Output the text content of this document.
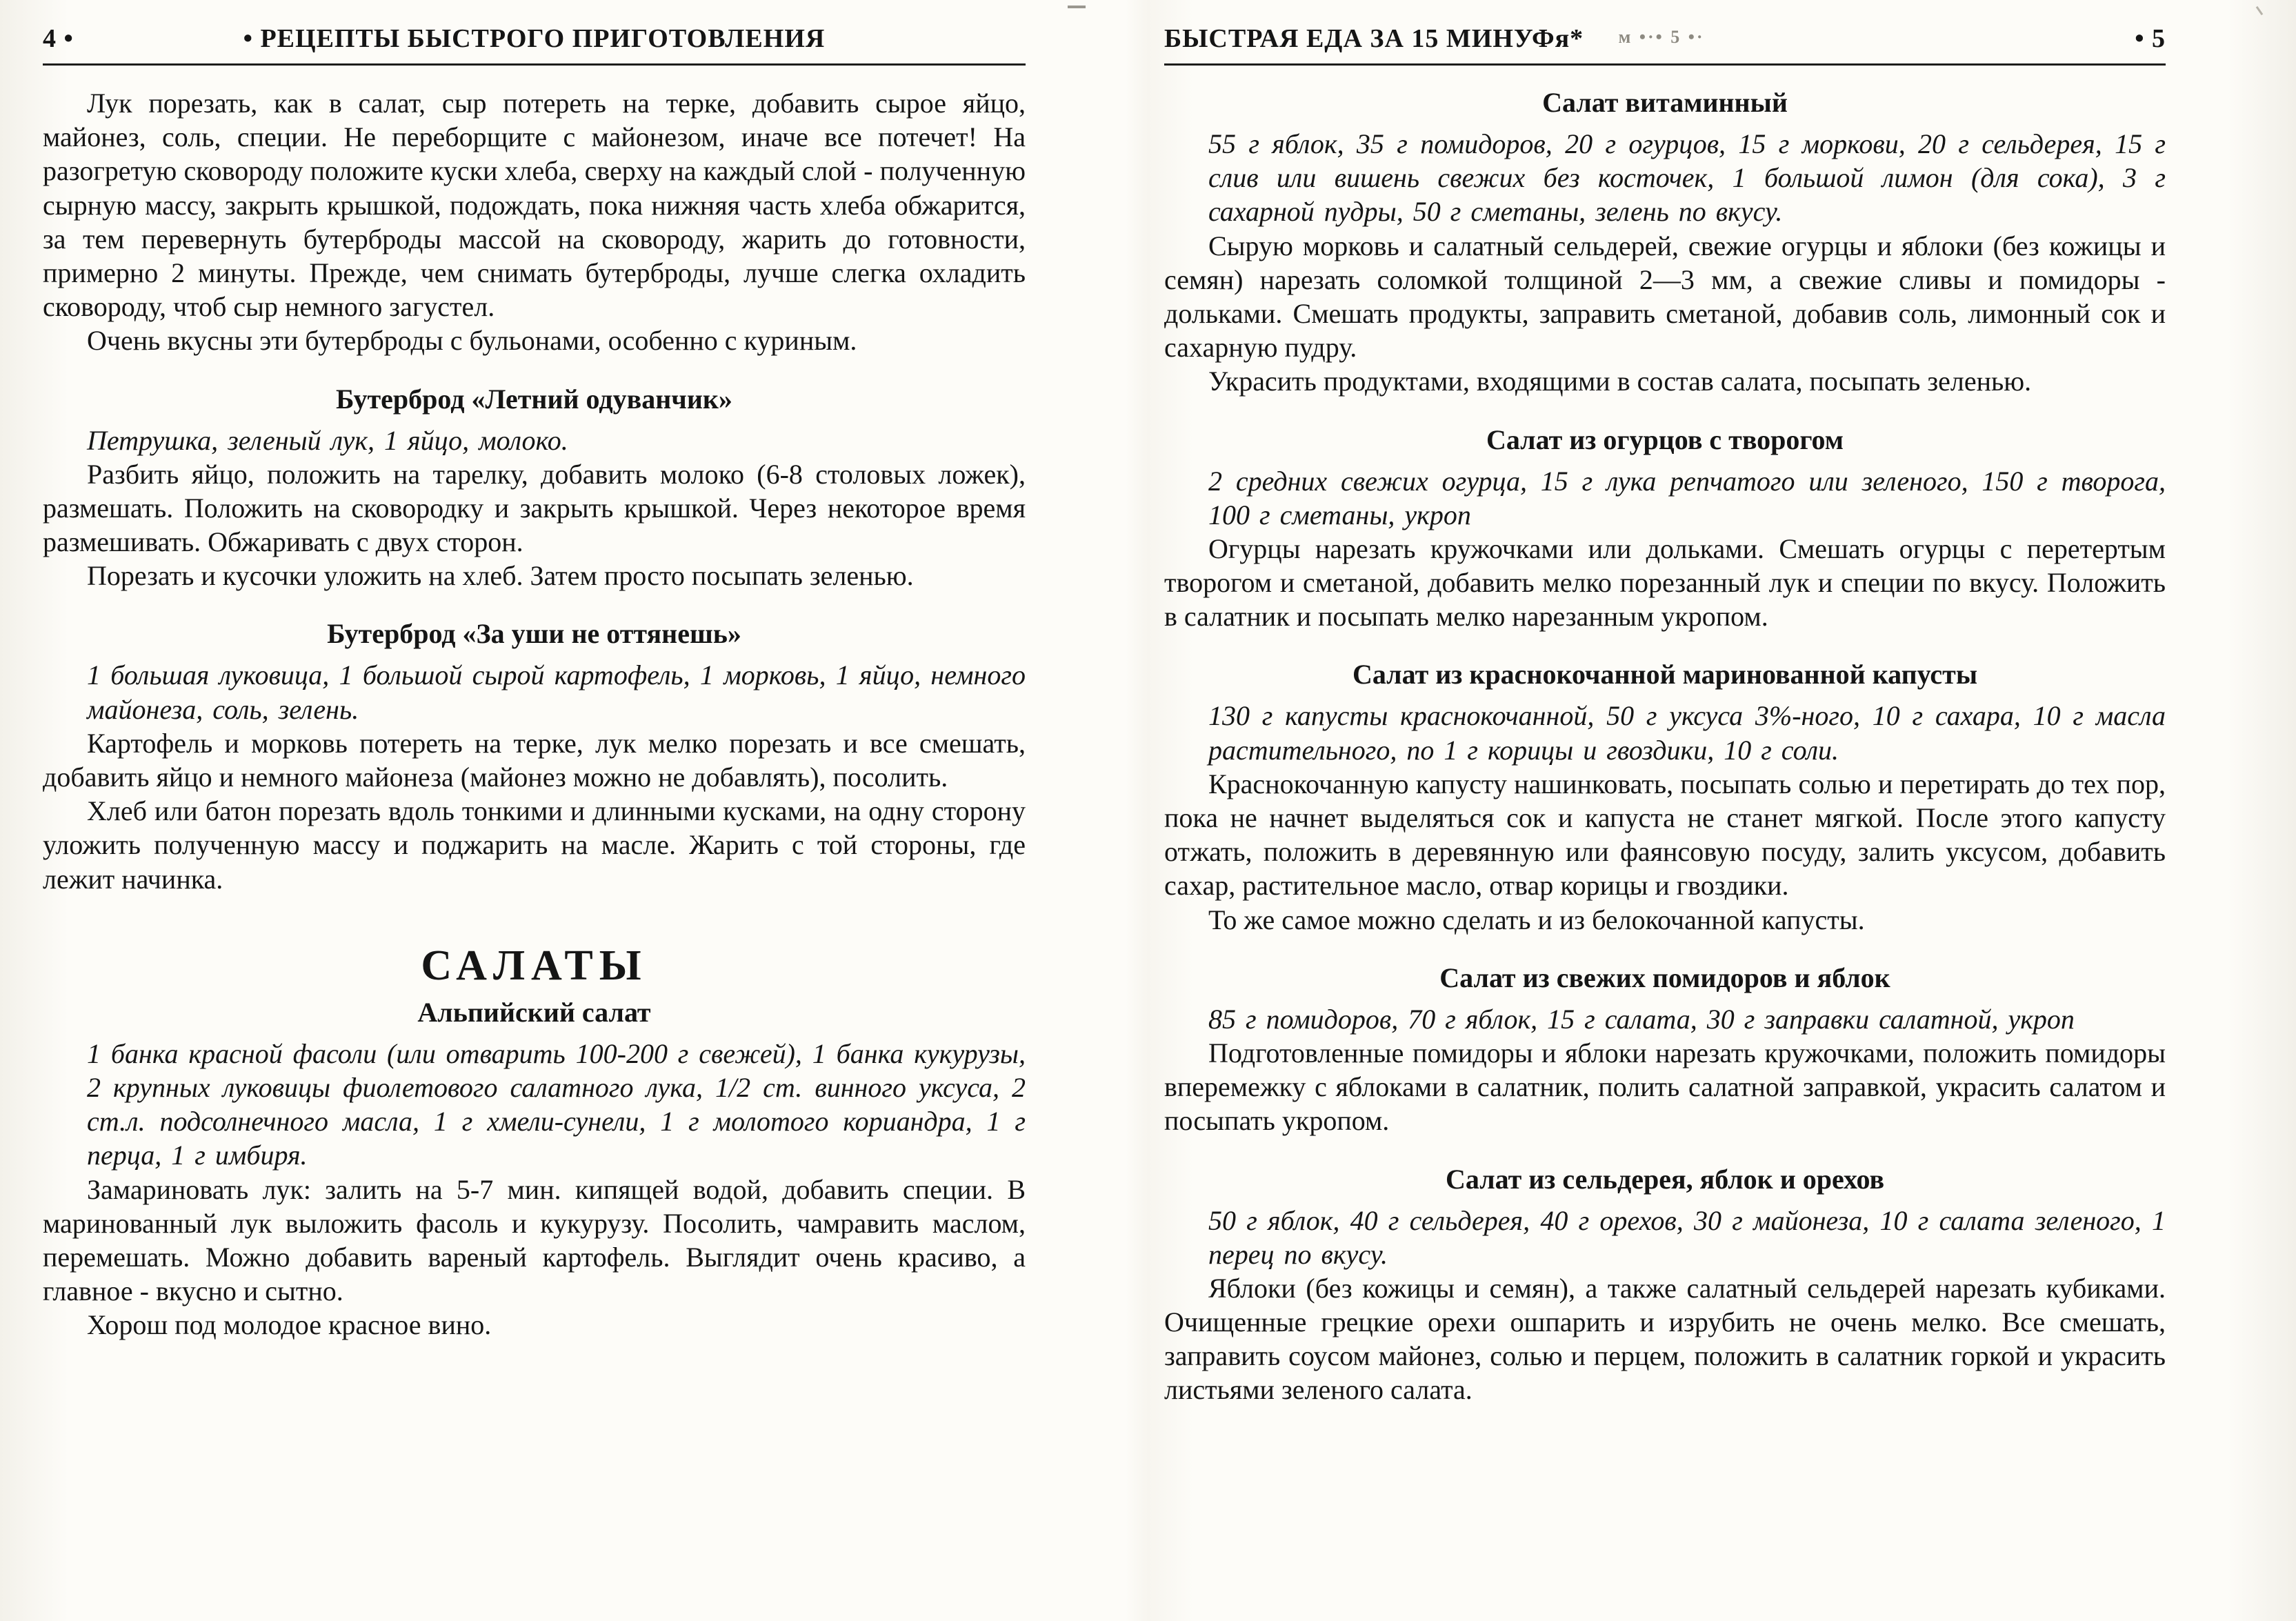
4 •	• РЕЦЕПТЫ БЫСТРОГО ПРИГОТОВЛЕНИЯ

Лук порезать, как в салат, сыр потереть на терке, добавить сырое яйцо, майонез, соль, специи. Не переборщите с майонезом, иначе все потечет! На разогретую сковороду положите куски хлеба, сверху на каждый слой - полученную сырную массу, закрыть крышкой, подождать, пока нижняя часть хлеба обжарится, за тем перевернуть бутерброды массой на сковороду, жарить до готовности, примерно 2 минуты. Прежде, чем снимать бутерброды, лучше слегка охладить сковороду, чтоб сыр немного загустел.

Очень вкусны эти бутерброды с бульонами, особенно с куриным.

Бутерброд «Летний одуванчик»

Петрушка, зеленый лук, 1 яйцо, молоко.

Разбить яйцо, положить на тарелку, добавить молоко (6-8 столовых ложек), размешать. Положить на сковородку и закрыть крышкой. Через некоторое время размешивать. Обжаривать с двух сторон.

Порезать и кусочки уложить на хлеб. Затем просто посыпать зеленью.

Бутерброд «За уши не оттянешь»

1 большая луковица, 1 большой сырой картофель, 1 морковь, 1 яйцо, немного майонеза, соль, зелень.

Картофель и морковь потереть на терке, лук мелко порезать и все смешать, добавить яйцо и немного майонеза (майонез можно не добавлять), посолить.

Хлеб или батон порезать вдоль тонкими и длинными кусками, на одну сторону уложить полученную массу и поджарить на масле. Жарить с той стороны, где лежит начинка.

САЛАТЫ
Альпийский салат

1 банка красной фасоли (или отварить 100-200 г свежей), 1 банка кукурузы, 2 крупных луковицы фиолетового салатного лука, 1/2 ст. винного уксуса, 2 ст.л. подсолнечного масла, 1 г хмели-сунели, 1 г молотого кориандра, 1 г перца, 1 г имбиря.

Замариновать лук: залить на 5-7 мин. кипящей водой, добавить специи. В маринованный лук выложить фасоль и кукурузу. Посолить, чамравить маслом, перемешать. Можно добавить вареный картофель. Выглядит очень красиво, а главное - вкусно и сытно.

Хорош под молодое красное вино.

БЫСТРАЯ ЕДА ЗА 15 МИНУФя* м •·• 5 •·	• 5
Салат витаминный

55 г яблок, 35 г помидоров, 20 г огурцов, 15 г моркови, 20 г сельдерея, 15 г слив или вишень свежих без косточек, 1 большой лимон (для сока), 3 г сахарной пудры, 50 г сметаны, зелень по вкусу.

Сырую морковь и салатный сельдерей, свежие огурцы и яблоки (без кожицы и семян) нарезать соломкой толщиной 2—3 мм, а свежие сливы и помидоры - дольками. Смешать продукты, заправить сметаной, добавив соль, лимонный сок и сахарную пудру.

Украсить продуктами, входящими в состав салата, посыпать зеленью.

Салат из огурцов с творогом

2 средних свежих огурца, 15 г лука репчатого или зеленого, 150 г творога, 100 г сметаны, укроп

Огурцы нарезать кружочками или дольками. Смешать огурцы с перетертым творогом и сметаной, добавить мелко порезанный лук и специи по вкусу. Положить в салатник и посыпать мелко нарезанным укропом.

Салат из краснокочанной маринованной капусты

130 г капусты краснокочанной, 50 г уксуса 3%-ного, 10 г сахара, 10 г масла растительного, по 1 г корицы и гвоздики, 10 г соли.

Краснокочанную капусту нашинковать, посыпать солью и перетирать до тех пор, пока не начнет выделяться сок и капуста не станет мягкой. После этого капусту отжать, положить в деревянную или фаянсовую посуду, залить уксусом, добавить сахар, растительное масло, отвар корицы и гвоздики.

То же самое можно сделать и из белокочанной капусты.

Салат из свежих помидоров и яблок

85 г помидоров, 70 г яблок, 15 г салата, 30 г заправки салатной, укроп

Подготовленные помидоры и яблоки нарезать кружочками, положить помидоры вперемежку с яблоками в салатник, полить салатной заправкой, украсить салатом и посыпать укропом.

Салат из сельдерея, яблок и орехов

50 г яблок, 40 г сельдерея, 40 г орехов, 30 г майонеза, 10 г салата зеленого, 1 перец по вкусу.

Яблоки (без кожицы и семян), а также салатный сельдерей нарезать кубиками. Очищенные грецкие орехи ошпарить и изрубить не очень мелко. Все смешать, заправить соусом майонез, солью и перцем, положить в салатник горкой и украсить листьями зеленого салата.
